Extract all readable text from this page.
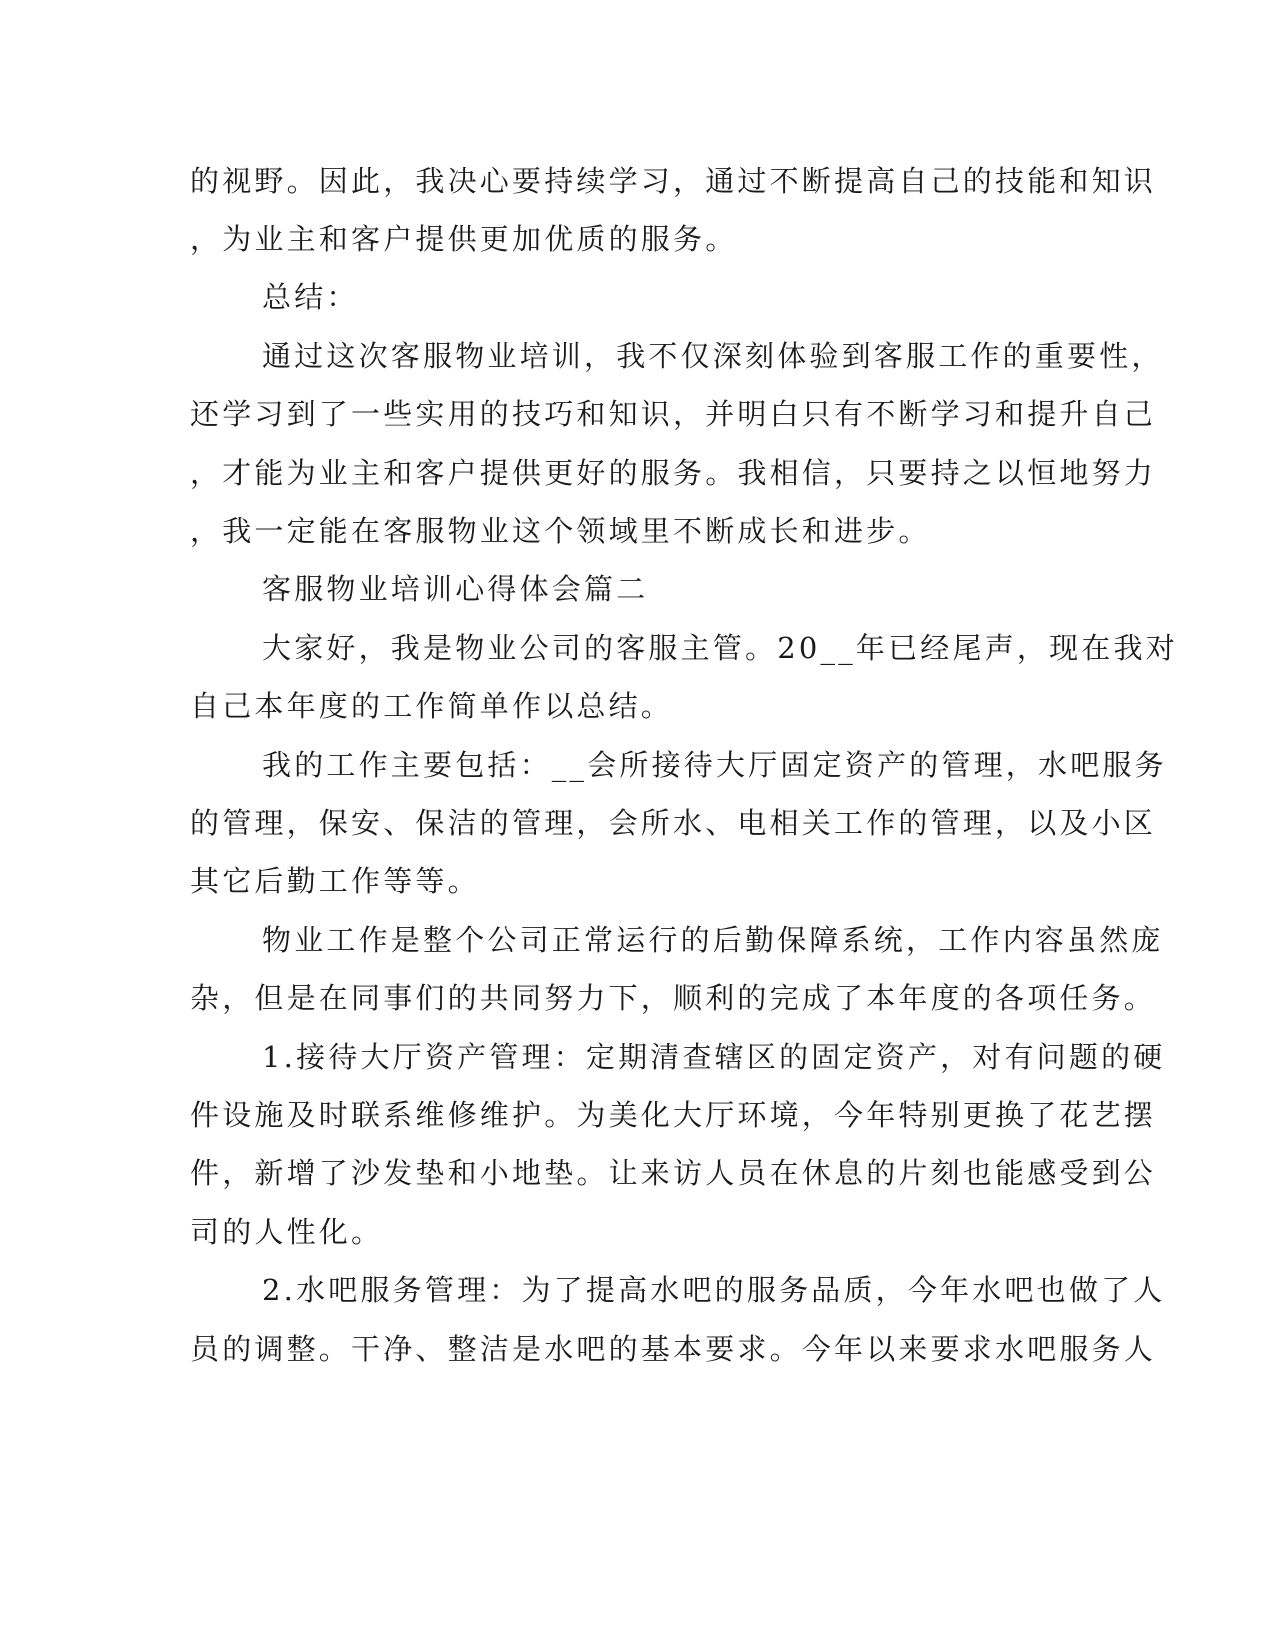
的视野。因此，我决心要持续学习，通过不断提高自己的技能和知识

，为业主和客户提供更加优质的服务。

总结：

通过这次客服物业培训，我不仅深刻体验到客服工作的重要性，

还学习到了一些实用的技巧和知识，并明白只有不断学习和提升自己

，才能为业主和客户提供更好的服务。我相信，只要持之以恒地努力

，我一定能在客服物业这个领域里不断成长和进步。

客服物业培训心得体会篇二

大家好，我是物业公司的客服主管。20__年已经尾声，现在我对

自己本年度的工作简单作以总结。

我的工作主要包括：__会所接待大厅固定资产的管理，水吧服务

的管理，保安、保洁的管理，会所水、电相关工作的管理，以及小区

其它后勤工作等等。

物业工作是整个公司正常运行的后勤保障系统，工作内容虽然庞

杂，但是在同事们的共同努力下，顺利的完成了本年度的各项任务。

1.接待大厅资产管理：定期清查辖区的固定资产，对有问题的硬

件设施及时联系维修维护。为美化大厅环境，今年特别更换了花艺摆

件，新增了沙发垫和小地垫。让来访人员在休息的片刻也能感受到公

司的人性化。

2.水吧服务管理：为了提高水吧的服务品质，今年水吧也做了人

员的调整。干净、整洁是水吧的基本要求。今年以来要求水吧服务人
